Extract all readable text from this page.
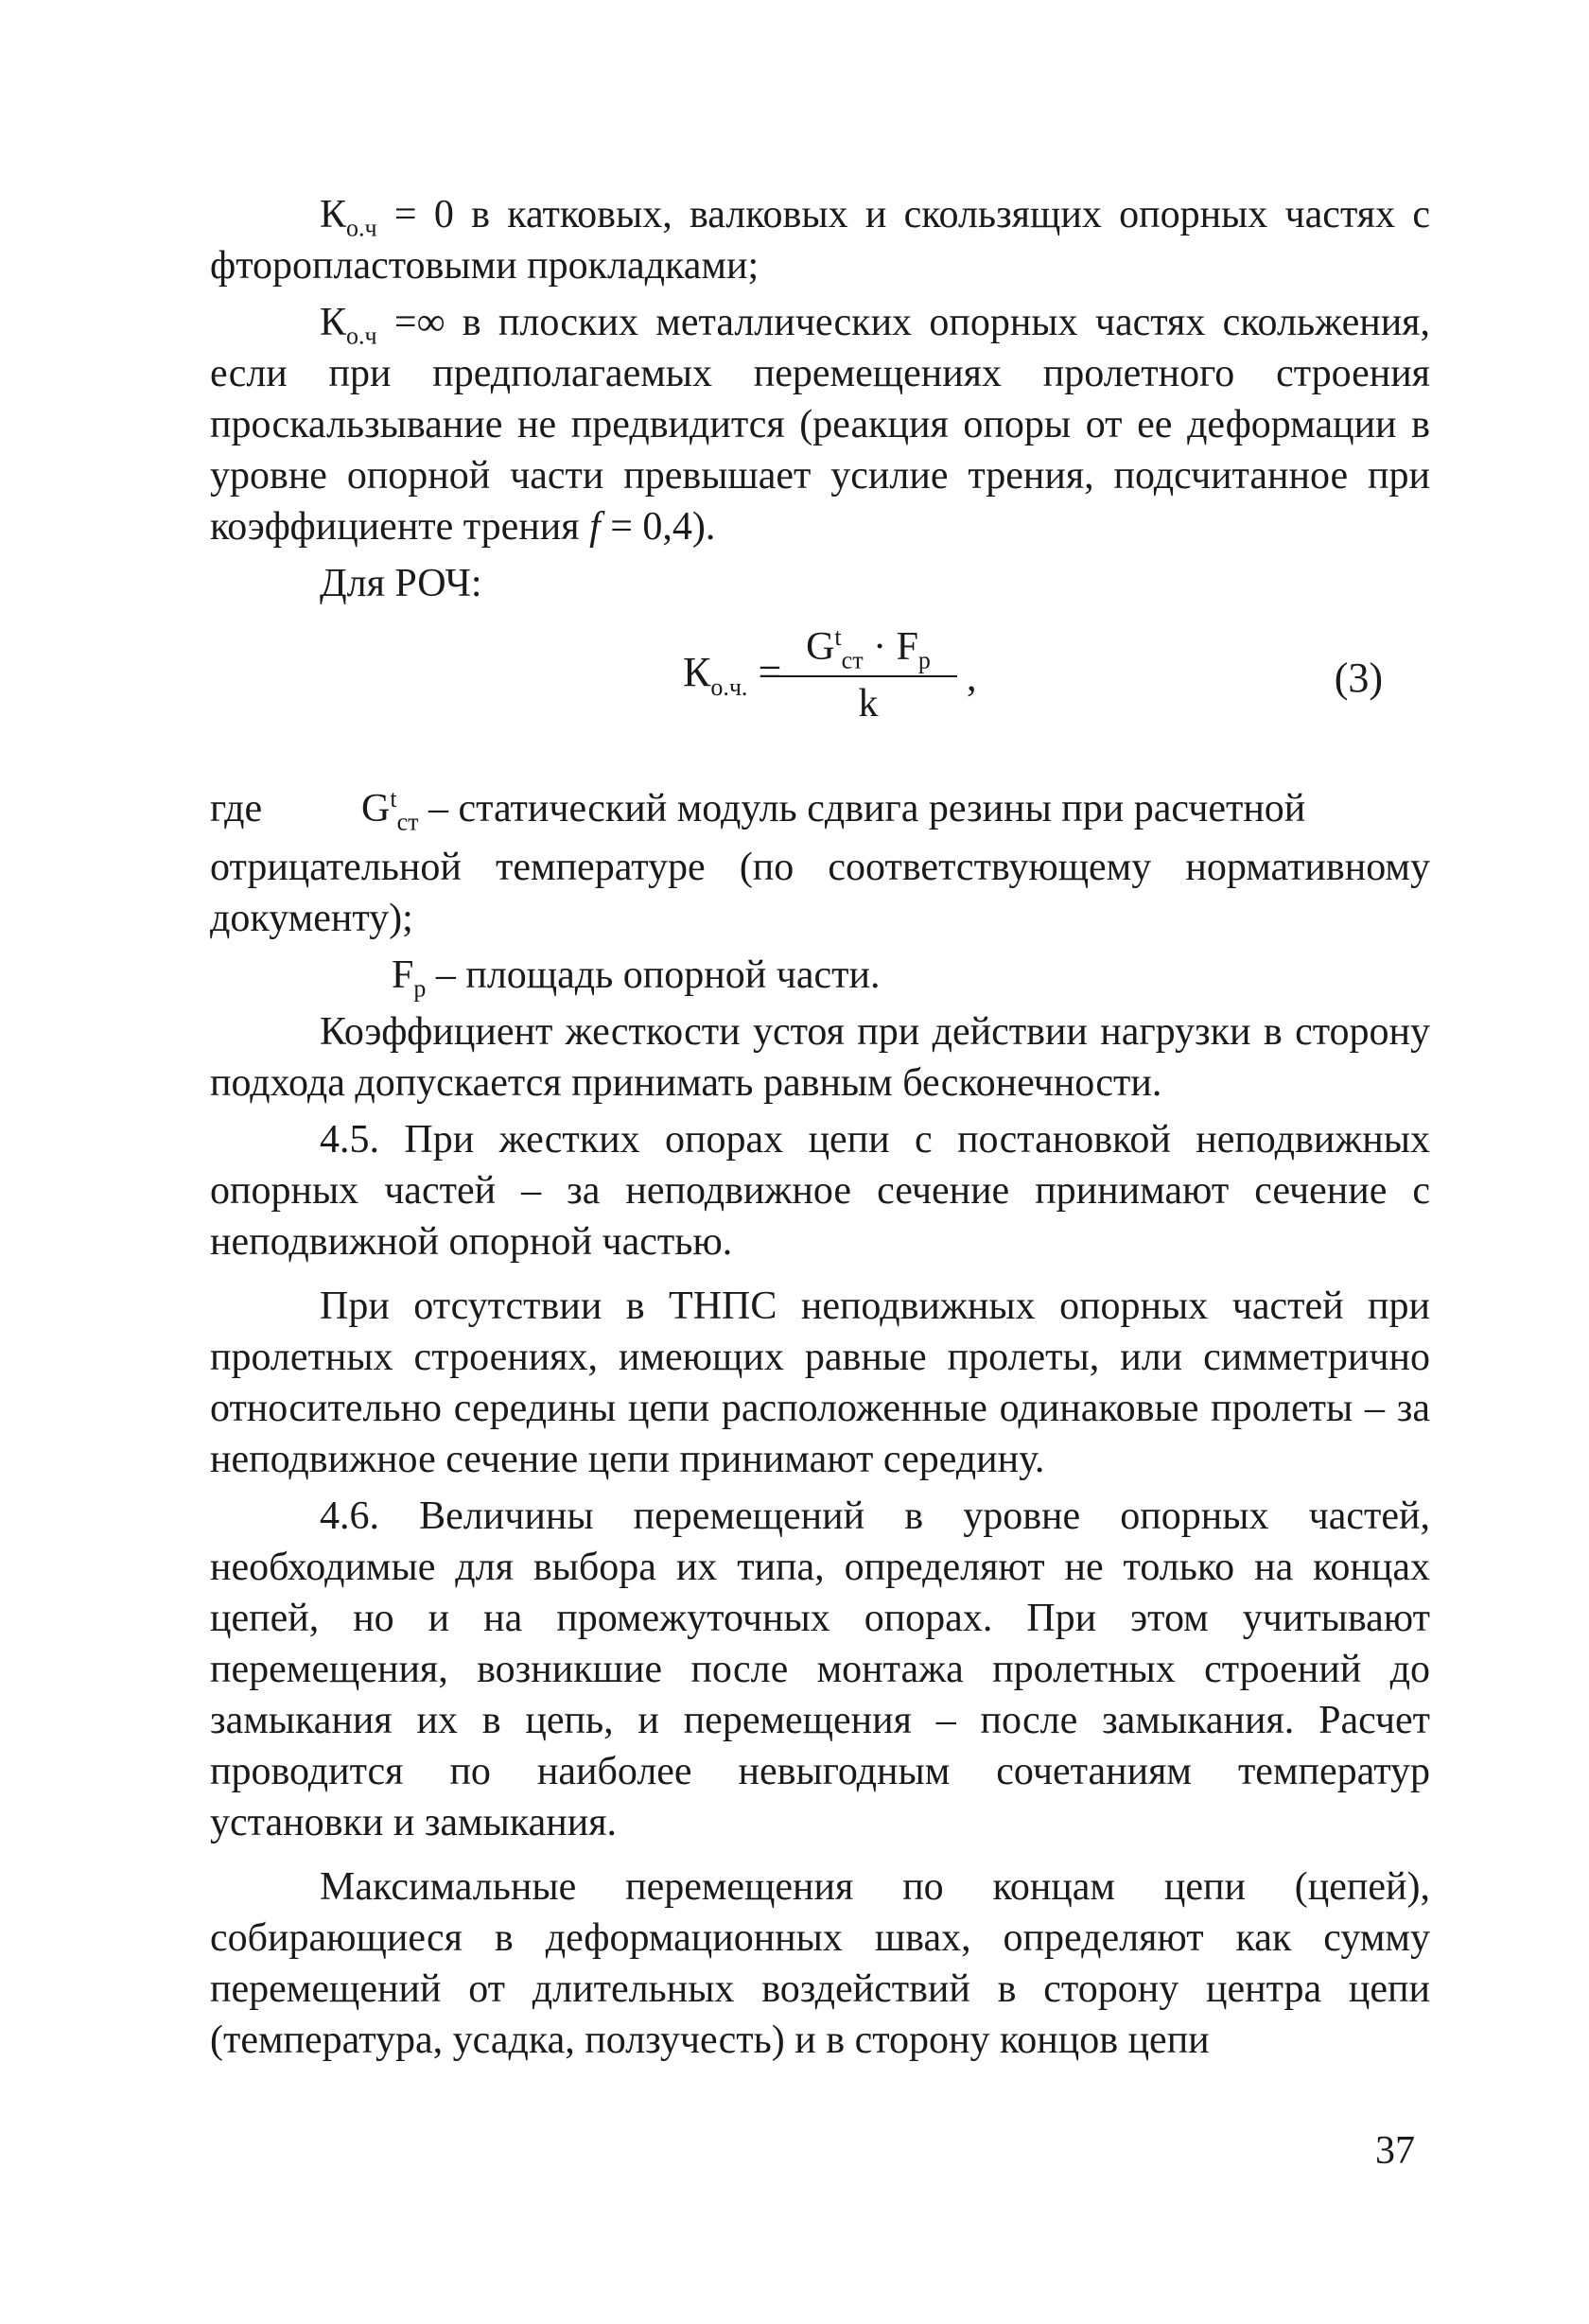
$К_{о.ч} = 0$ в катковых, валковых и скользящих опорных частях с фторопластовыми прокладками;

$К_{о.ч}$ =∞ в плоских металлических опорных частях скольжения, если при предполагаемых перемещениях пролетного строения проскальзывание не предвидится (реакция опоры от ее деформации в уровне опорной части превышает усилие трения, подсчитанное при коэффициенте трения f = 0,4).

Для РОЧ:

$К_{о.ч.}$ =
$G^t_{ст} \cdot F_р$
k
,	(3)
где $G^t_{ст}$ – статический модуль сдвига резины при расчетной

отрицательной температуре (по соответствующему нормативному документу);

$F_р$ – площадь опорной части.

Коэффициент жесткости устоя при действии нагрузки в сторону подхода допускается принимать равным бесконечности.

4.5. При жестких опорах цепи с постановкой неподвижных опорных частей – за неподвижное сечение принимают сечение с неподвижной опорной частью.

При отсутствии в ТНПС неподвижных опорных частей при пролетных строениях, имеющих равные пролеты, или симметрично относительно середины цепи расположенные одинаковые пролеты – за неподвижное сечение цепи принимают середину.

4.6. Величины перемещений в уровне опорных частей, необходимые для выбора их типа, определяют не только на концах цепей, но и на промежуточных опорах. При этом учитывают перемещения, возникшие после монтажа пролетных строений до замыкания их в цепь, и перемещения – после замыкания. Расчет проводится по наиболее невыгодным сочетаниям температур установки и замыкания.

Максимальные перемещения по концам цепи (цепей), собирающиеся в деформационных швах, определяют как сумму перемещений от длительных воздействий в сторону центра цепи (температура, усадка, ползучесть) и в сторону концов цепи

37
